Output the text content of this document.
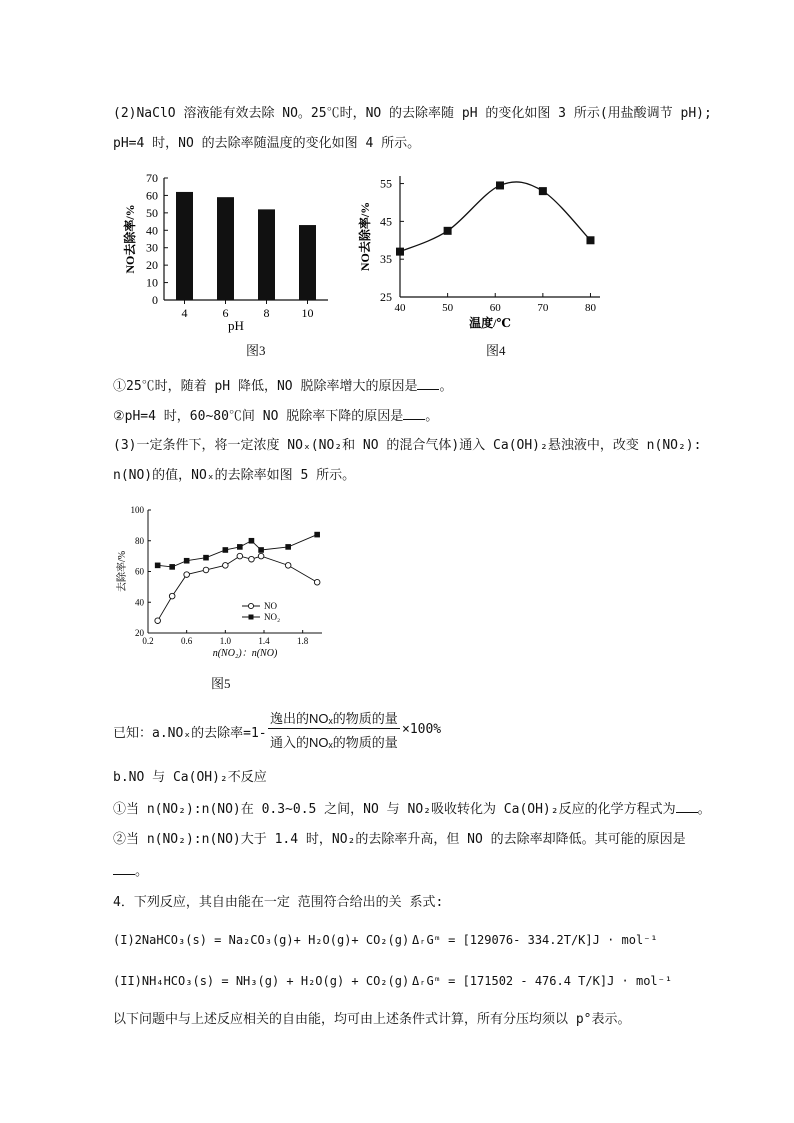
(2)NaClO 溶液能有效去除 NO。25℃时，NO 的去除率随 pH 的变化如图 3 所示(用盐酸调节 pH);
pH=4 时，NO 的去除率随温度的变化如图 4 所示。
0
10
20
30
40
50
60
70
4	6	8	10
pH
NO去除率/%
图3
25
35
45
55
40	50	60	70	80
温度/℃
NO去除率/%
图4
①25℃时，随着 pH 降低，NO 脱除率增大的原因是 。
②pH=4 时，60~80℃间 NO 脱除率下降的原因是 。
(3)一定条件下，将一定浓度 NOₓ(NO₂和 NO 的混合气体)通入 Ca(OH)₂悬浊液中，改变 n(NO₂):
n(NO)的值，NOₓ的去除率如图 5 所示。
20
40
60
80
100
0.2	0.6	1.0	1.4	1.8
NO
NO₂
n(NO₂)：n(NO)
去除率/%
图5
已知：a.NOₓ的去除率=1-
逸出的NOₓ的物质的量
通入的NOₓ的物质的量
×100%
b.NO 与 Ca(OH)₂不反应
①当 n(NO₂):n(NO)在 0.3~0.5 之间，NO 与 NO₂吸收转化为 Ca(OH)₂反应的化学方程式为 。
②当 n(NO₂):n(NO)大于 1.4 时，NO₂的去除率升高，但 NO 的去除率却降低。其可能的原因是
。
4．下列反应，其自由能在一定 范围符合给出的关 系式:
(I)2NaHCO₃(s) = Na₂CO₃(g)+ H₂O(g)+ CO₂(g) ΔᵣGᵐ = [129076- 334.2T/K]J · mol⁻¹
(II)NH₄HCO₃(s) = NH₃(g) + H₂O(g) + CO₂(g) ΔᵣGᵐ = [171502 - 476.4 T/K]J · mol⁻¹
以下问题中与上述反应相关的自由能，均可由上述条件式计算，所有分压均须以 p°表示。
